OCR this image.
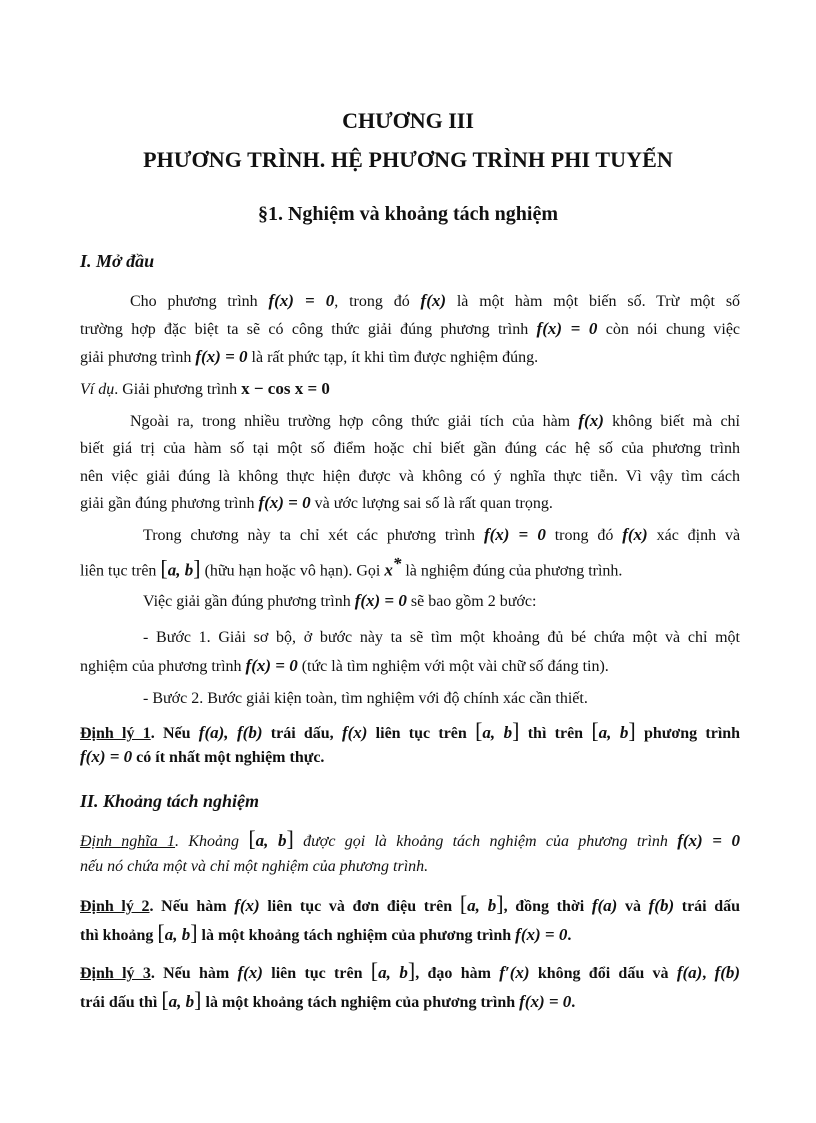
CHƯƠNG III
PHƯƠNG TRÌNH. HỆ PHƯƠNG TRÌNH PHI TUYẾN
§1. Nghiệm và khoảng tách nghiệm
I. Mở đầu
Cho phương trình f(x) = 0, trong đó f(x) là một hàm một biến số. Trừ một số
trường hợp đặc biệt ta sẽ có công thức giải đúng phương trình f(x) = 0 còn nói chung việc
giải phương trình f(x) = 0 là rất phức tạp, ít khi tìm được nghiệm đúng.
Ví dụ. Giải phương trình x − cos x = 0
Ngoài ra, trong nhiều trường hợp công thức giải tích của hàm f(x) không biết mà chỉ
biết giá trị của hàm số tại một số điểm hoặc chỉ biết gần đúng các hệ số của phương trình
nên việc giải đúng là không thực hiện được và không có ý nghĩa thực tiễn. Vì vậy tìm cách
giải gần đúng phương trình f(x) = 0 và ước lượng sai số là rất quan trọng.
Trong chương này ta chỉ xét các phương trình f(x) = 0 trong đó f(x) xác định và
liên tục trên [a, b] (hữu hạn hoặc vô hạn). Gọi x* là nghiệm đúng của phương trình.
Việc giải gần đúng phương trình f(x) = 0 sẽ bao gồm 2 bước:
- Bước 1. Giải sơ bộ, ở bước này ta sẽ tìm một khoảng đủ bé chứa một và chỉ một
nghiệm của phương trình f(x) = 0 (tức là tìm nghiệm với một vài chữ số đáng tin).
- Bước 2. Bước giải kiện toàn, tìm nghiệm với độ chính xác cần thiết.
Định lý 1. Nếu f(a), f(b) trái dấu, f(x) liên tục trên [a, b] thì trên [a, b] phương trình
f(x) = 0 có ít nhất một nghiệm thực.
II. Khoảng tách nghiệm
Định nghĩa 1. Khoảng [a, b] được gọi là khoảng tách nghiệm của phương trình f(x) = 0
nếu nó chứa một và chỉ một nghiệm của phương trình.
Định lý 2. Nếu hàm f(x) liên tục và đơn điệu trên [a, b], đồng thời f(a) và f(b) trái dấu
thì khoảng [a, b] là một khoảng tách nghiệm của phương trình f(x) = 0.
Định lý 3. Nếu hàm f(x) liên tục trên [a, b], đạo hàm f′(x) không đổi dấu và f(a), f(b)
trái dấu thì [a, b] là một khoảng tách nghiệm của phương trình f(x) = 0.
